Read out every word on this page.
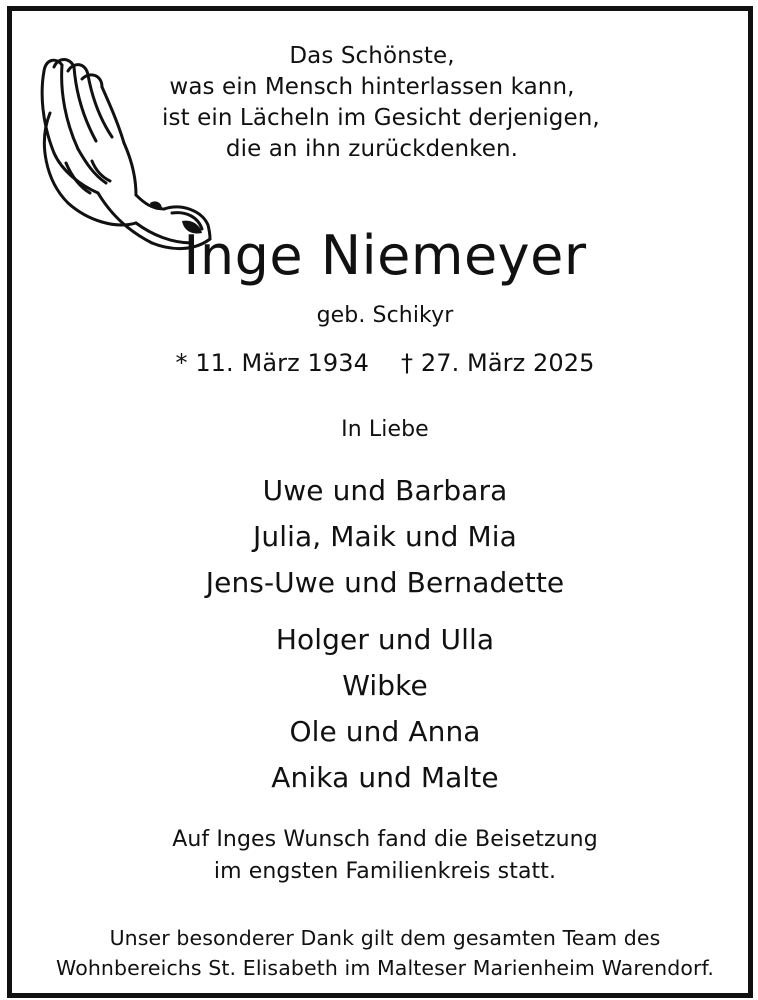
Das Schönste,
was ein Mensch hinterlassen kann,
ist ein Lächeln im Gesicht derjenigen,
die an ihn zurückdenken.
Inge Niemeyer
geb. Schikyr
* 11. März 1934 † 27. März 2025
In Liebe
Uwe und Barbara
Julia, Maik und Mia
Jens-Uwe und Bernadette
Holger und Ulla
Wibke
Ole und Anna
Anika und Malte
Auf Inges Wunsch fand die Beisetzung
im engsten Familienkreis statt.
Unser besonderer Dank gilt dem gesamten Team des
Wohnbereichs St. Elisabeth im Malteser Marienheim Warendorf.
